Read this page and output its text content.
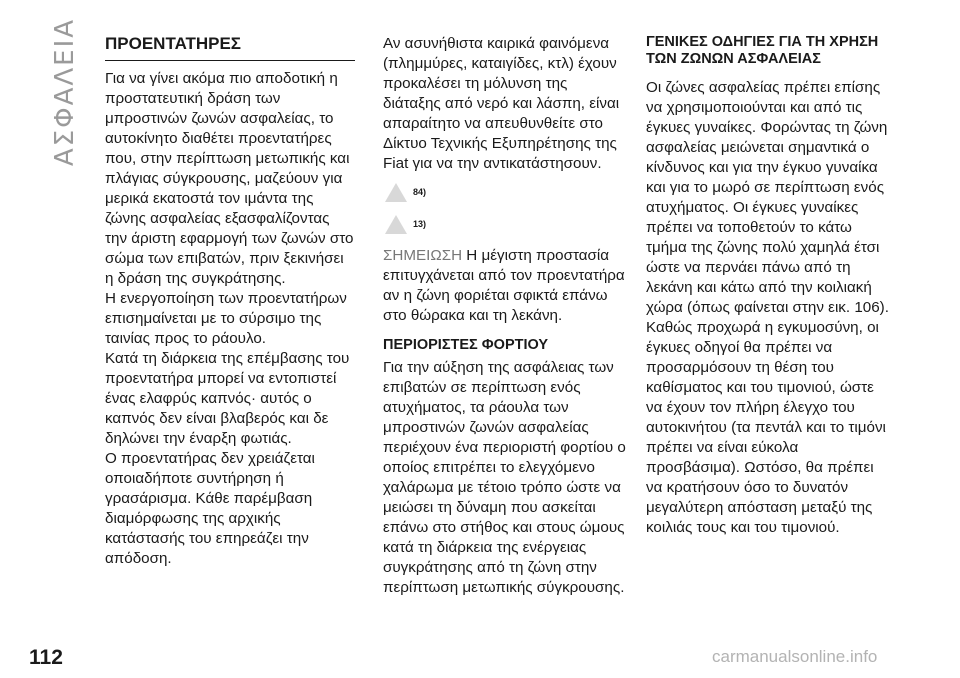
ΑΣΦΑΛΕΙΑ ΠΡΟΕΝΤΑΤΗΡΕΣ

Για να γίνει ακόμα πιο αποδοτική η προστατευτική δράση των μπροστινών ζωνών ασφαλείας, το αυτοκίνητο διαθέτει προεντατήρες που, στην περίπτωση μετωπικής και πλάγιας σύγκρουσης, μαζεύουν για μερικά εκατοστά τον ιμάντα της ζώνης ασφαλείας εξασφαλίζοντας την άριστη εφαρμογή των ζωνών στο σώμα των επιβατών, πριν ξεκινήσει η δράση της συγκράτησης.

Η ενεργοποίηση των προεντατήρων επισημαίνεται με το σύρσιμο της ταινίας προς το ράουλο.

Κατά τη διάρκεια της επέμβασης του προεντατήρα μπορεί να εντοπιστεί ένας ελαφρύς καπνός· αυτός ο καπνός δεν είναι βλαβερός και δε δηλώνει την έναρξη φωτιάς.

Ο προεντατήρας δεν χρειάζεται οποιαδήποτε συντήρηση ή γρασάρισμα. Κάθε παρέμβαση διαμόρφωσης της αρχικής κατάστασής του επηρεάζει την απόδοση.

Αν ασυνήθιστα καιρικά φαινόμενα (πλημμύρες, καταιγίδες, κτλ) έχουν προκαλέσει τη μόλυνση της διάταξης από νερό και λάσπη, είναι απαραίτητο να απευθυνθείτε στο Δίκτυο Τεχνικής Εξυπηρέτησης της Fiat για να την αντικατάστησουν.

84)
13)

ΣΗΜΕΙΩΣΗ Η μέγιστη προστασία επιτυγχάνεται από τον προεντατήρα αν η ζώνη φοριέται σφικτά επάνω στο θώρακα και τη λεκάνη.

ΠΕΡΙΟΡΙΣΤΕΣ ΦΟΡΤΙΟΥ

Για την αύξηση της ασφάλειας των επιβατών σε περίπτωση ενός ατυχήματος, τα ράουλα των μπροστινών ζωνών ασφαλείας περιέχουν ένα περιοριστή φορτίου ο οποίος επιτρέπει το ελεγχόμενο χαλάρωμα με τέτοιο τρόπο ώστε να μειώσει τη δύναμη που ασκείται επάνω στο στήθος και στους ώμους κατά τη διάρκεια της ενέργειας συγκράτησης από τη ζώνη στην περίπτωση μετωπικής σύγκρουσης.

ΓΕΝΙΚΕΣ ΟΔΗΓΙΕΣ ΓΙΑ ΤΗ ΧΡΗΣΗ ΤΩΝ ΖΩΝΩΝ ΑΣΦΑΛΕΙΑΣ

Οι ζώνες ασφαλείας πρέπει επίσης να χρησιμοποιούνται και από τις έγκυες γυναίκες. Φορώντας τη ζώνη ασφαλείας μειώνεται σημαντικά ο κίνδυνος και για την έγκυο γυναίκα και για το μωρό σε περίπτωση ενός ατυχήματος. Οι έγκυες γυναίκες πρέπει να τοποθετούν το κάτω τμήμα της ζώνης πολύ χαμηλά έτσι ώστε να περνάει πάνω από τη λεκάνη και κάτω από την κοιλιακή χώρα (όπως φαίνεται στην εικ. 106).

Καθώς προχωρά η εγκυμοσύνη, οι έγκυες οδηγοί θα πρέπει να προσαρμόσουν τη θέση του καθίσματος και του τιμονιού, ώστε να έχουν τον πλήρη έλεγχο του αυτοκινήτου (τα πεντάλ και το τιμόνι πρέπει να είναι εύκολα προσβάσιμα). Ωστόσο, θα πρέπει να κρατήσουν όσο το δυνατόν μεγαλύτερη απόσταση μεταξύ της κοιλιάς τους και του τιμονιού.

112	carmanualsonline.info
